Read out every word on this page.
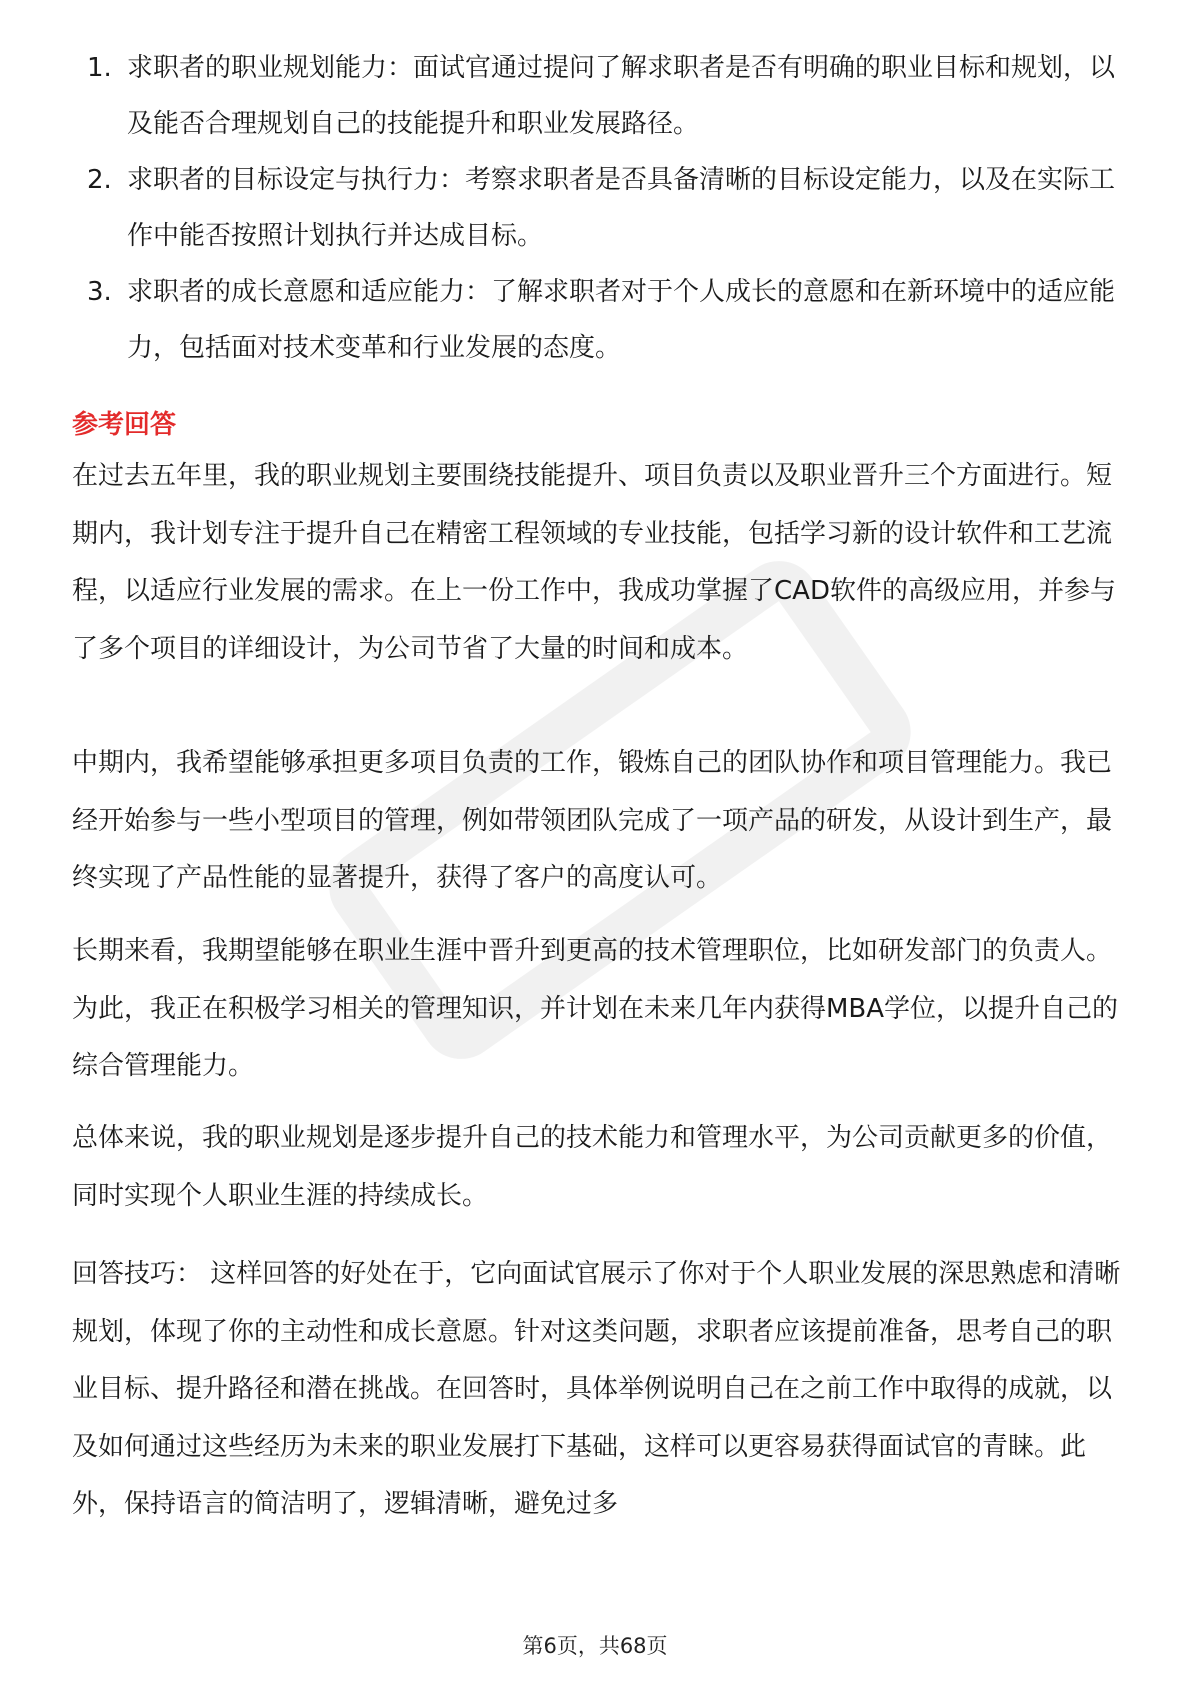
1. 求职者的职业规划能力：面试官通过提问了解求职者是否有明确的职业目标和规划，以及能否合理规划自己的技能提升和职业发展路径。
2. 求职者的目标设定与执行力：考察求职者是否具备清晰的目标设定能力，以及在实际工作中能否按照计划执行并达成目标。
3. 求职者的成长意愿和适应能力：了解求职者对于个人成长的意愿和在新环境中的适应能力，包括面对技术变革和行业发展的态度。
参考回答

在过去五年里，我的职业规划主要围绕技能提升、项目负责以及职业晋升三个方面进行。短期内，我计划专注于提升自己在精密工程领域的专业技能，包括学习新的设计软件和工艺流程，以适应行业发展的需求。在上一份工作中，我成功掌握了CAD软件的高级应用，并参与了多个项目的详细设计，为公司节省了大量的时间和成本。

中期内，我希望能够承担更多项目负责的工作，锻炼自己的团队协作和项目管理能力。我已经开始参与一些小型项目的管理，例如带领团队完成了一项产品的研发，从设计到生产，最终实现了产品性能的显著提升，获得了客户的高度认可。

长期来看，我期望能够在职业生涯中晋升到更高的技术管理职位，比如研发部门的负责人。为此，我正在积极学习相关的管理知识，并计划在未来几年内获得MBA学位，以提升自己的综合管理能力。

总体来说，我的职业规划是逐步提升自己的技术能力和管理水平，为公司贡献更多的价值，同时实现个人职业生涯的持续成长。

回答技巧： 这样回答的好处在于，它向面试官展示了你对于个人职业发展的深思熟虑和清晰规划，体现了你的主动性和成长意愿。针对这类问题，求职者应该提前准备，思考自己的职业目标、提升路径和潜在挑战。在回答时，具体举例说明自己在之前工作中取得的成就，以及如何通过这些经历为未来的职业发展打下基础，这样可以更容易获得面试官的青睐。此外，保持语言的简洁明了，逻辑清晰，避免过多

第6页，共68页
